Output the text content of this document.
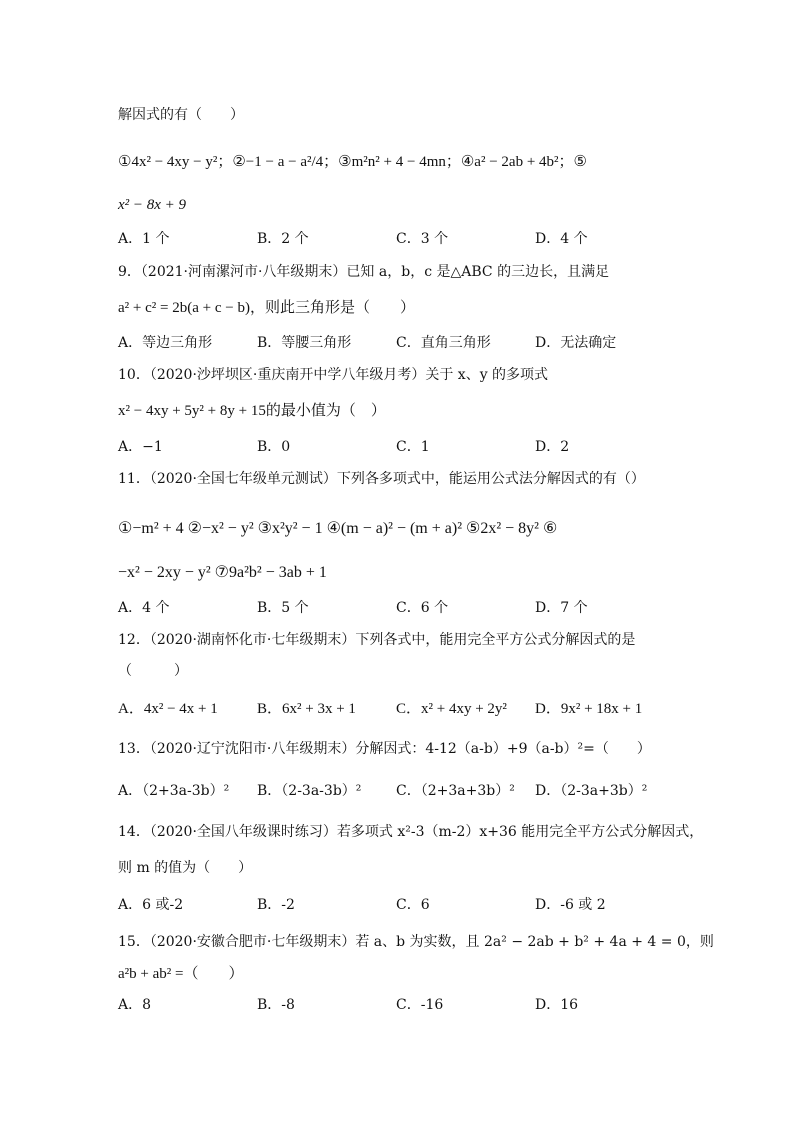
解因式的有（　　）
①4x² − 4xy − y²；②−1 − a − a²/4；③m²n² + 4 − 4mn；④a² − 2ab + 4b²；⑤
x² − 8x + 9
A．1 个	B．2 个	C．3 个	D．4 个
9．（2021·河南漯河市·八年级期末）已知 a，b，c 是△ABC 的三边长，且满足
a² + c² = 2b(a + c − b)，则此三角形是（　　）
A．等边三角形	B．等腰三角形	C．直角三角形	D．无法确定
10．（2020·沙坪坝区·重庆南开中学八年级月考）关于 x、y 的多项式
x² − 4xy + 5y² + 8y + 15的最小值为（　）
A．−1	B．0	C．1	D．2
11．（2020·全国七年级单元测试）下列各多项式中，能运用公式法分解因式的有（）
①−m² + 4 ②−x² − y² ③x²y² − 1 ④(m − a)² − (m + a)² ⑤2x² − 8y² ⑥
−x² − 2xy − y² ⑦9a²b² − 3ab + 1
A．4 个	B．5 个	C．6 个	D．7 个
12．（2020·湖南怀化市·七年级期末）下列各式中，能用完全平方公式分解因式的是
（　　　）
A．4x² − 4x + 1	B．6x² + 3x + 1	C．x² + 4xy + 2y² D．9x² + 18x + 1
13．（2020·辽宁沈阳市·八年级期末）分解因式：4-12（a-b）+9（a-b）²=（　　）
A．（2+3a-3b）² B．（2-3a-3b）² C．（2+3a+3b）² D．（2-3a+3b）²
14．（2020·全国八年级课时练习）若多项式 x²-3（m-2）x+36 能用完全平方公式分解因式，
则 m 的值为（　　）
A．6 或-2	B．-2	C．6	D．-6 或 2
15．（2020·安徽合肥市·七年级期末）若 a、b 为实数，且 2a² − 2ab + b² + 4a + 4 = 0，则
a²b + ab² =（　　）
A．8	B．-8	C．-16	D．16
